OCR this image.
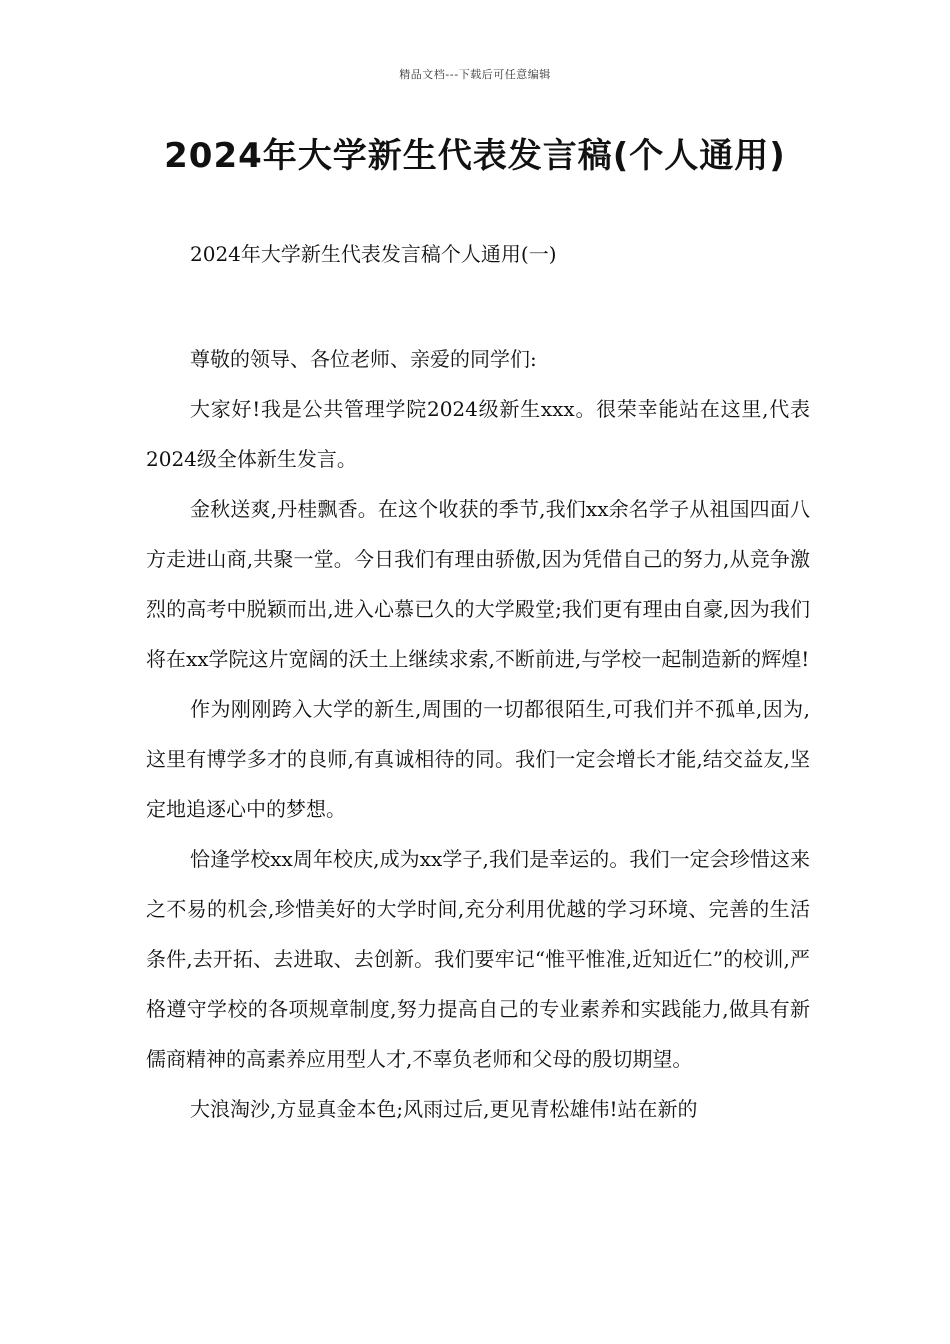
精品文档---下载后可任意编辑
2024年大学新生代表发言稿(个人通用)

2024年大学新生代表发言稿个人通用(一)

尊敬的领导、各位老师、亲爱的同学们:

大家好!我是公共管理学院2024级新生xxx。很荣幸能站在这里,代表2024级全体新生发言。

金秋送爽,丹桂飘香。在这个收获的季节,我们xx余名学子从祖国四面八方走进山商,共聚一堂。今日我们有理由骄傲,因为凭借自己的努力,从竞争激烈的高考中脱颖而出,进入心慕已久的大学殿堂;我们更有理由自豪,因为我们将在xx学院这片宽阔的沃土上继续求索,不断前进,与学校一起制造新的辉煌!

作为刚刚跨入大学的新生,周围的一切都很陌生,可我们并不孤单,因为,这里有博学多才的良师,有真诚相待的同。我们一定会增长才能,结交益友,坚定地追逐心中的梦想。

恰逢学校xx周年校庆,成为xx学子,我们是幸运的。我们一定会珍惜这来之不易的机会,珍惜美好的大学时间,充分利用优越的学习环境、完善的生活条件,去开拓、去进取、去创新。我们要牢记“惟平惟准,近知近仁”的校训,严格遵守学校的各项规章制度,努力提高自己的专业素养和实践能力,做具有新儒商精神的高素养应用型人才,不辜负老师和父母的殷切期望。

大浪淘沙,方显真金本色;风雨过后,更见青松雄伟!站在新的
